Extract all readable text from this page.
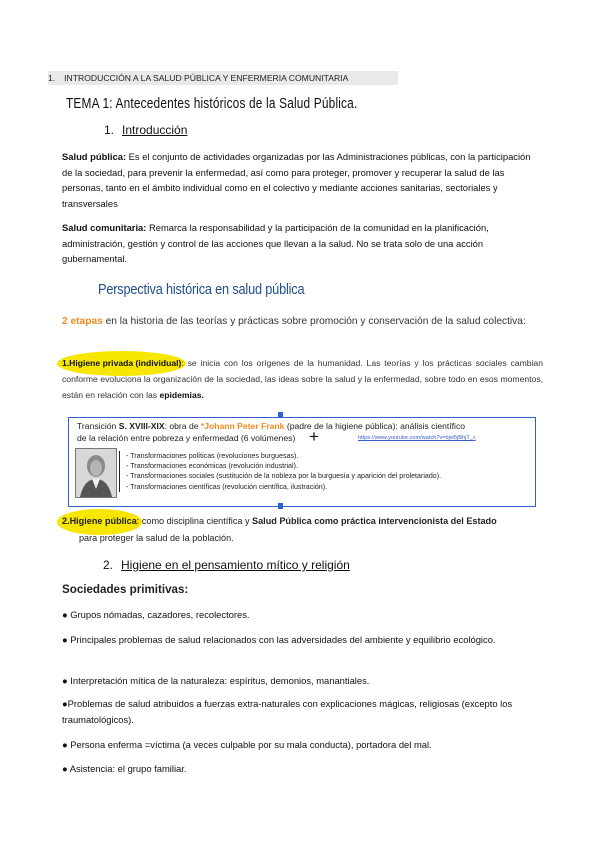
1. INTRODUCCIÓN A LA SALUD PÚBLICA Y ENFERMERIA COMUNITARIA
TEMA 1: Antecedentes históricos de la Salud Pública.
1. Introducción
Salud pública: Es el conjunto de actividades organizadas por las Administraciones públicas, con la participación de la sociedad, para prevenir la enfermedad, así como para proteger, promover y recuperar la salud de las personas, tanto en el ámbito individual como en el colectivo y mediante acciones sanitarias, sectoriales y transversales
Salud comunitaria: Remarca la responsabilidad y la participación de la comunidad en la planificación, administración, gestión y control de las acciones que llevan a la salud. No se trata solo de una acción gubernamental.
Perspectiva histórica en salud pública
2 etapas en la historia de las teorías y prácticas sobre promoción y conservación de la salud colectiva:
1.Higiene privada (individual): se inicia con los orígenes de la humanidad. Las teorías y los prácticas sociales cambian conforme evoluciona la organización de la sociedad, las ideas sobre la salud y la enfermedad, sobre todo en esos momentos, están en relación con las epidemias.
Transición S. XVIII-XIX: obra de *Johann Peter Frank (padre de la higiene pública): análisis científico
de la relación entre pobreza y enfermedad (6 volúmenes) +	https://www.youtube.com/watch?v=bjw5jBhjT_c
- Transformaciones políticas (revoluciones burguesas).
- Transformaciones económicas (revolución industrial).
- Transformaciones sociales (sustitución de la nobleza por la burguesía y aparición del proletariado).
- Transformaciones científicas (revolución científica, ilustración).
2.Higiene pública: como disciplina científica y Salud Pública como práctica intervencionista del Estado
para proteger la salud de la población.
2. Higiene en el pensamiento mítico y religión
Sociedades primitivas:
● Grupos nómadas, cazadores, recolectores.
● Principales problemas de salud relacionados con las adversidades del ambiente y equilibrio ecológico.
● Interpretación mítica de la naturaleza: espíritus, demonios, manantiales.
●Problemas de salud atribuidos a fuerzas extra-naturales con explicaciones mágicas, religiosas (excepto los traumatológicos).
● Persona enferma =víctima (a veces culpable por su mala conducta), portadora del mal.
● Asistencia: el grupo familiar.
